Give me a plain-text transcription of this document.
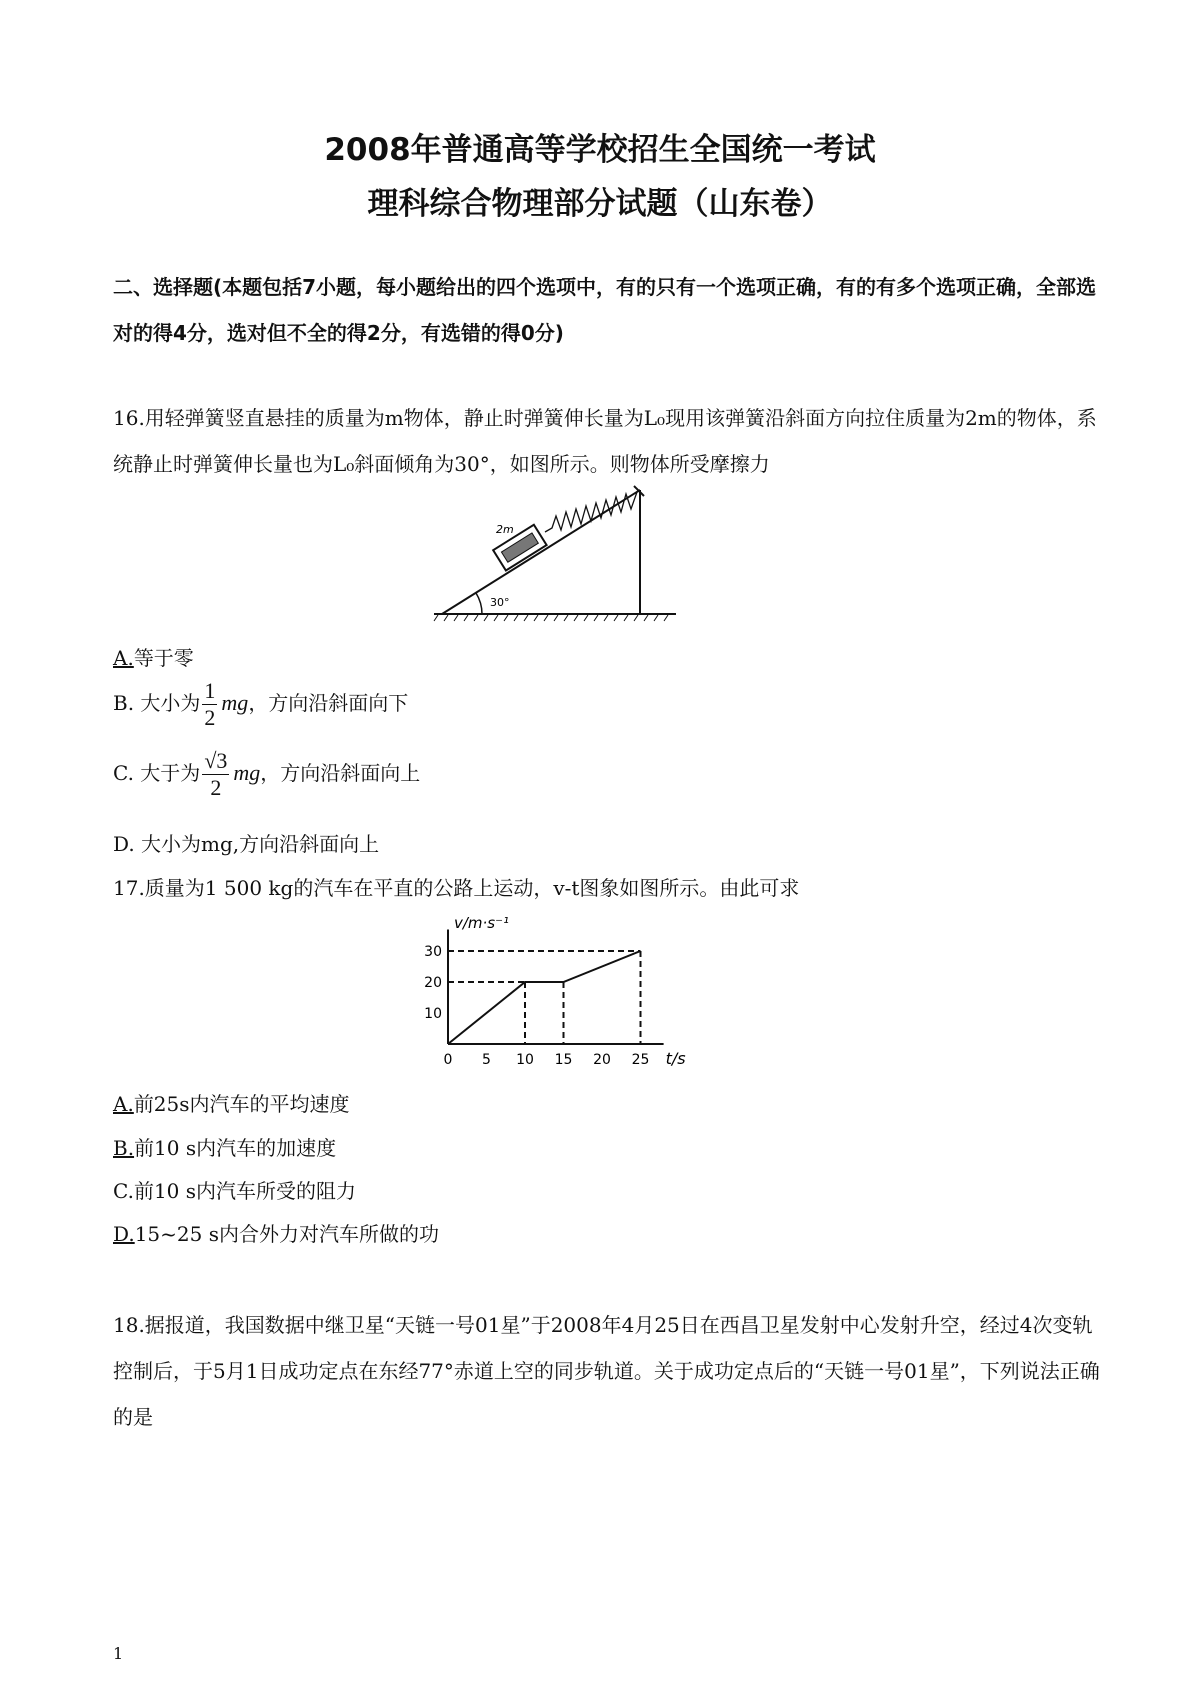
2008年普通高等学校招生全国统一考试
理科综合物理部分试题（山东卷）
二、选择题(本题包括7小题，每小题给出的四个选项中，有的只有一个选项正确，有的有多个选项正确，全部选对的得4分，选对但不全的得2分，有选错的得0分)
16.用轻弹簧竖直悬挂的质量为m物体，静止时弹簧伸长量为L₀现用该弹簧沿斜面方向拉住质量为2m的物体，系统静止时弹簧伸长量也为L₀斜面倾角为30°，如图所示。则物体所受摩擦力
30°
2m
A.等于零
B. 大小为 $\frac{1}{2}$ mg，方向沿斜面向下
C. 大于为 $\frac{√3}{2}$ mg，方向沿斜面向上
D. 大小为mg,方向沿斜面向上
17.质量为1 500 kg的汽车在平直的公路上运动，v-t图象如图所示。由此可求
0 5 10 15 20 25
10
20
30
t/s
v/m·s⁻¹
A.前25s内汽车的平均速度
B.前10 s内汽车的加速度
C.前10 s内汽车所受的阻力
D.15~25 s内合外力对汽车所做的功
18.据报道，我国数据中继卫星“天链一号01星”于2008年4月25日在西昌卫星发射中心发射升空，经过4次变轨控制后，于5月1日成功定点在东经77°赤道上空的同步轨道。关于成功定点后的“天链一号01星”，下列说法正确的是
1
